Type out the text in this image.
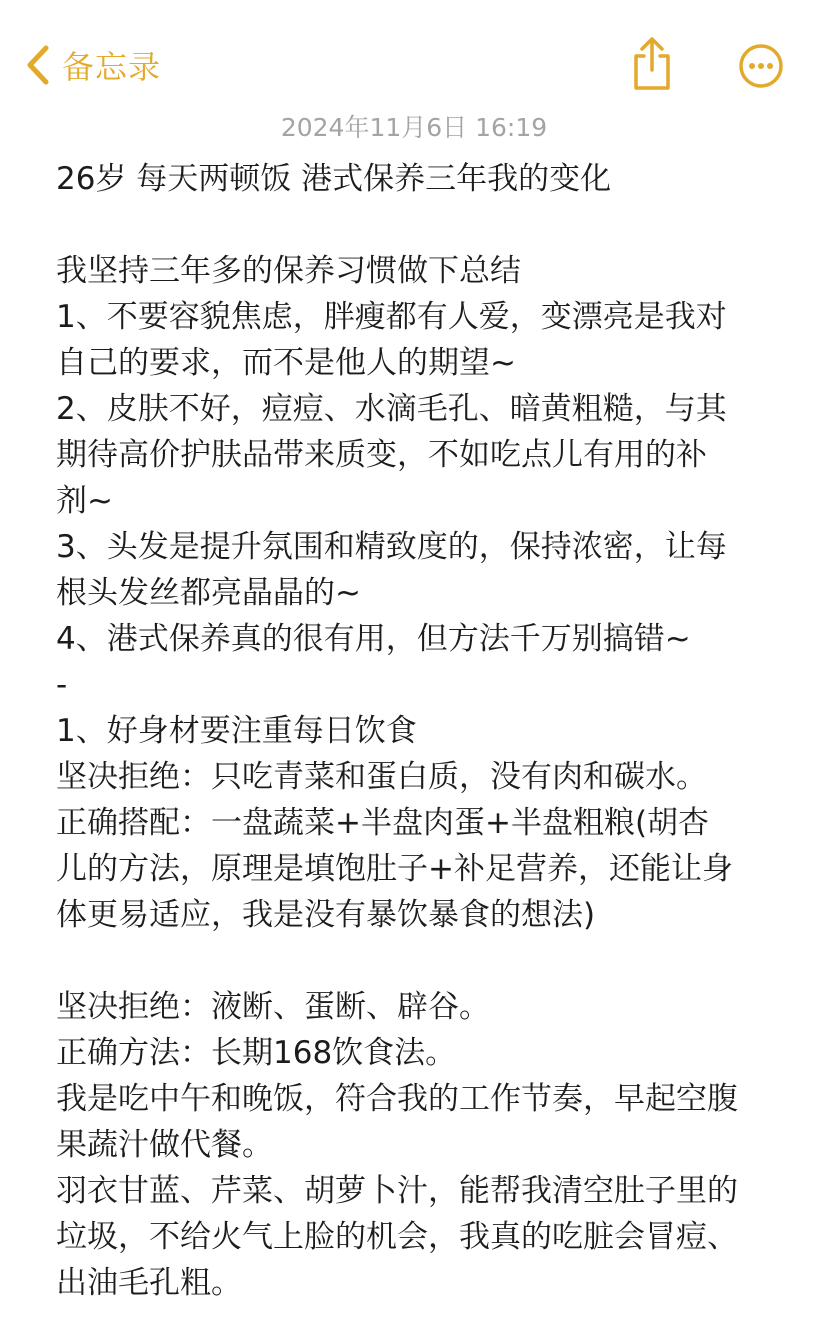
备忘录
2024年11月6日 16:19
26岁 每天两顿饭 港式保养三年我的变化
我坚持三年多的保养习惯做下总结
1、不要容貌焦虑，胖瘦都有人爱，变漂亮是我对
自己的要求，而不是他人的期望~
2、皮肤不好，痘痘、水滴毛孔、暗黄粗糙，与其
期待高价护肤品带来质变，不如吃点儿有用的补
剂~
3、头发是提升氛围和精致度的，保持浓密，让每
根头发丝都亮晶晶的~
4、港式保养真的很有用，但方法千万别搞错~
-
1、好身材要注重每日饮食
坚决拒绝：只吃青菜和蛋白质，没有肉和碳水。
正确搭配：一盘蔬菜+半盘肉蛋+半盘粗粮(胡杏
儿的方法，原理是填饱肚子+补足营养，还能让身
体更易适应，我是没有暴饮暴食的想法)
坚决拒绝：液断、蛋断、辟谷。
正确方法：长期168饮食法。
我是吃中午和晚饭，符合我的工作节奏，早起空腹
果蔬汁做代餐。
羽衣甘蓝、芹菜、胡萝卜汁，能帮我清空肚子里的
垃圾，不给火气上脸的机会，我真的吃脏会冒痘、
出油毛孔粗。
